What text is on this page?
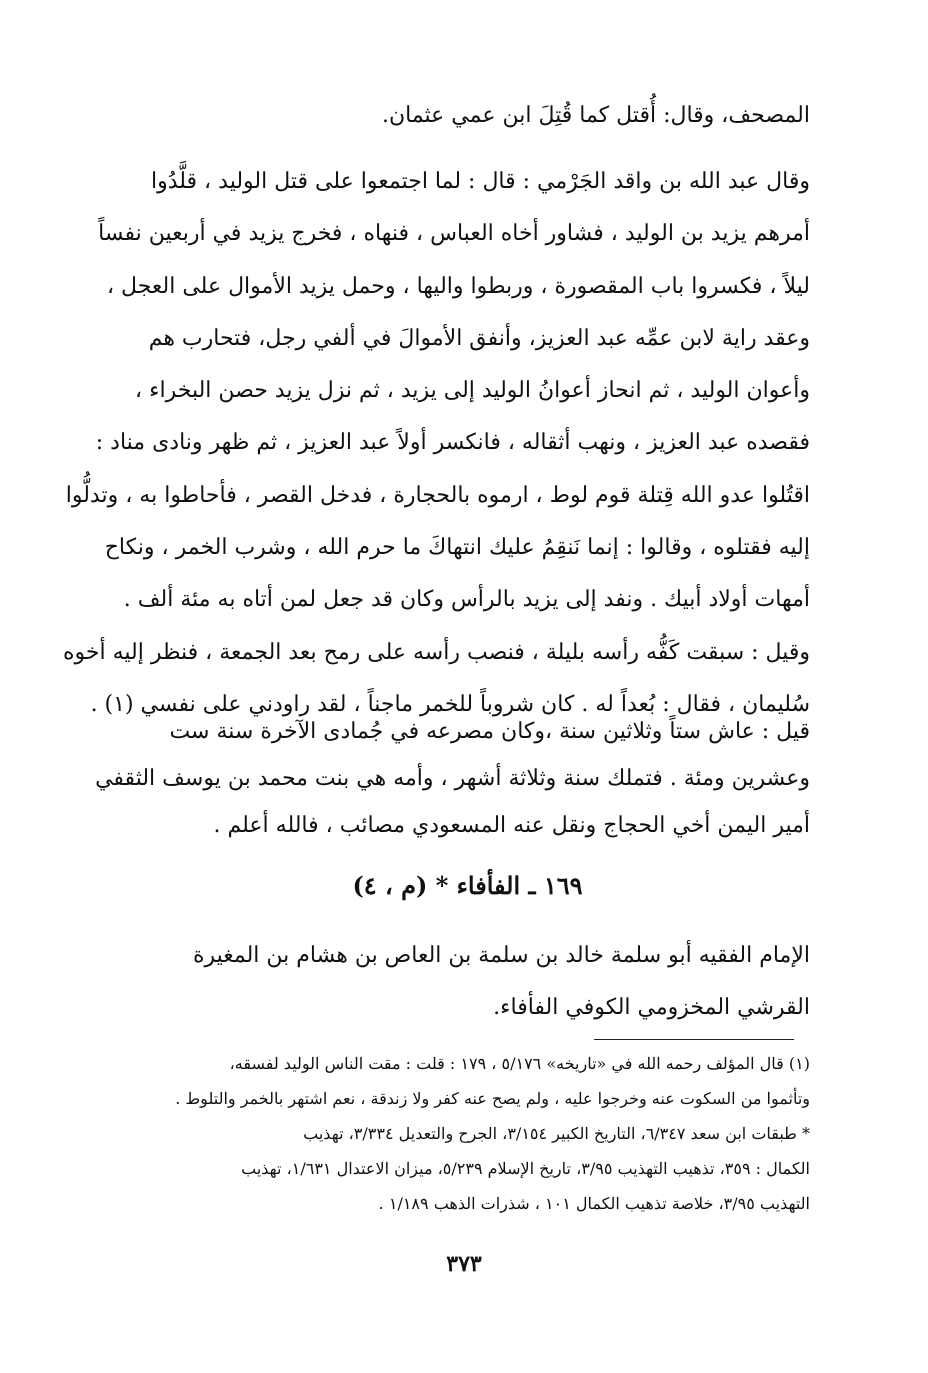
المصحف، وقال: أُقتل كما قُتِلَ ابن عمي عثمان.
وقال عبد الله بن واقد الجَرْمي : قال : لما اجتمعوا على قتل الوليد ، قلَّدُوا
أمرهم يزيد بن الوليد ، فشاور أخاه العباس ، فنهاه ، فخرج يزيد في أربعين نفساً
ليلاً ، فكسروا باب المقصورة ، وربطوا واليها ، وحمل يزيد الأموال على العجل ،
وعقد راية لابن عمِّه عبد العزيز، وأنفق الأموالَ في ألفي رجل، فتحارب هم
وأعوان الوليد ، ثم انحاز أعوانُ الوليد إلى يزيد ، ثم نزل يزيد حصن البخراء ،
فقصده عبد العزيز ، ونهب أثقاله ، فانكسر أولاً عبد العزيز ، ثم ظهر ونادى مناد :
اقتُلوا عدو الله قِتلة قوم لوط ، ارموه بالحجارة ، فدخل القصر ، فأحاطوا به ، وتدلُّوا
إليه فقتلوه ، وقالوا : إنما نَنقِمُ عليك انتهاكَ ما حرم الله ، وشرب الخمر ، ونكاح
أمهات أولاد أبيك . ونفد إلى يزيد بالرأس وكان قد جعل لمن أتاه به مئة ألف .
وقيل : سبقت كَفُّه رأسه بليلة ، فنصب رأسه على رمح بعد الجمعة ، فنظر إليه أخوه
سُليمان ، فقال : بُعداً له . كان شروباً للخمر ماجناً ، لقد راودني على نفسي (١) .
قيل : عاش ستاً وثلاثين سنة ،وكان مصرعه في جُمادى الآخرة سنة ست
وعشرين ومئة . فتملك سنة وثلاثة أشهر ، وأمه هي بنت محمد بن يوسف الثقفي
أمير اليمن أخي الحجاج ونقل عنه المسعودي مصائب ، فالله أعلم .
١٦٩ ـ الفأفاء * (م ، ٤)
الإمام الفقيه أبو سلمة خالد بن سلمة بن العاص بن هشام بن المغيرة
القرشي المخزومي الكوفي الفأفاء.
(١) قال المؤلف رحمه الله في «تاريخه» ٥/١٧٦ ، ١٧٩ : قلت : مقت الناس الوليد لفسقه،
وتأثموا من السكوت عنه وخرجوا عليه ، ولم يصح عنه كفر ولا زندقة ، نعم اشتهر بالخمر والتلوط .
* طبقات ابن سعد ٦/٣٤٧، التاريخ الكبير ٣/١٥٤، الجرح والتعديل ٣/٣٣٤، تهذيب
الكمال : ٣٥٩، تذهيب التهذيب ٣/٩٥، تاريخ الإسلام ٥/٢٣٩، ميزان الاعتدال ١/٦٣١، تهذيب
التهذيب ٣/٩٥، خلاصة تذهيب الكمال ١٠١ ، شذرات الذهب ١/١٨٩ .
٣٧٣
